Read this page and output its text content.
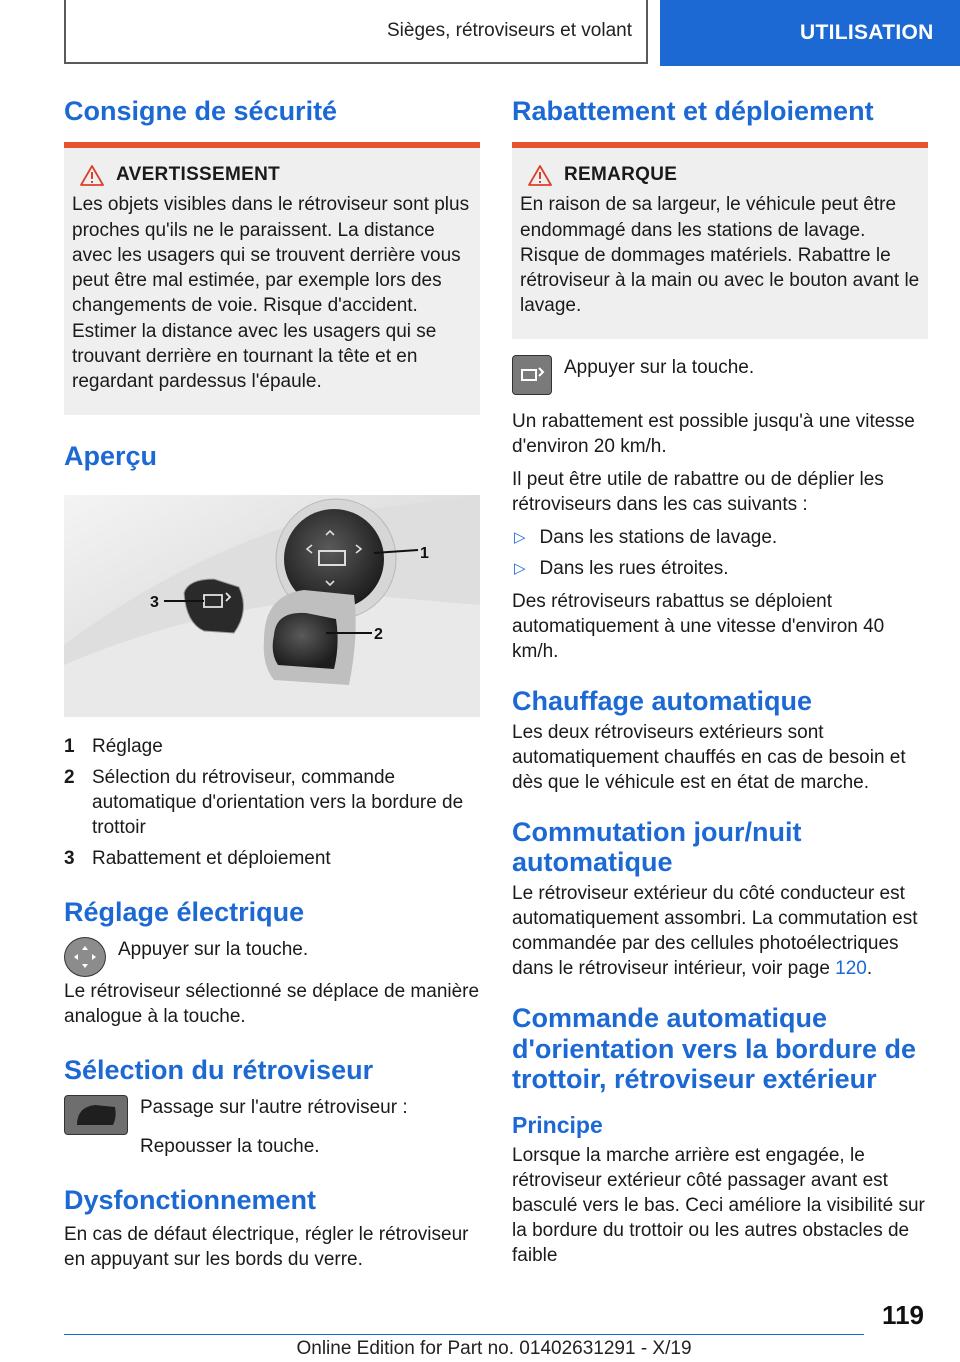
Sièges, rétroviseurs et volant	UTILISATION
Consigne de sécurité
AVERTISSEMENT

Les objets visibles dans le rétroviseur sont plus proches qu'ils ne le paraissent. La distance avec les usagers qui se trouvent derrière vous peut être mal estimée, par exemple lors des changements de voie. Risque d'accident. Estimer la distance avec les usagers qui se trouvant derrière en tournant la tête et en regardant pardessus l'épaule.

Aperçu
1
2
3
1 Réglage
2 Sélection du rétroviseur, commande automatique d'orientation vers la bordure de trottoir
3 Rabattement et déploiement
Réglage électrique

Appuyer sur la touche.

Le rétroviseur sélectionné se déplace de manière analogue à la touche.

Sélection du rétroviseur

Passage sur l'autre rétroviseur :

Repousser la touche.

Dysfonctionnement

En cas de défaut électrique, régler le rétroviseur en appuyant sur les bords du verre.

Rabattement et déploiement
REMARQUE

En raison de sa largeur, le véhicule peut être endommagé dans les stations de lavage. Risque de dommages matériels. Rabattre le rétroviseur à la main ou avec le bouton avant le lavage.

Appuyer sur la touche.

Un rabattement est possible jusqu'à une vitesse d'environ 20 km/h.

Il peut être utile de rabattre ou de déplier les rétroviseurs dans les cas suivants :

▷ Dans les stations de lavage.

▷ Dans les rues étroites.

Des rétroviseurs rabattus se déploient automatiquement à une vitesse d'environ 40 km/h.

Chauffage automatique

Les deux rétroviseurs extérieurs sont automatiquement chauffés en cas de besoin et dès que le véhicule est en état de marche.

Commutation jour/nuit automatique

Le rétroviseur extérieur du côté conducteur est automatiquement assombri. La commutation est commandée par des cellules photoélectriques dans le rétroviseur intérieur, voir page 120.

Commande automatique d'orientation vers la bordure de trottoir, rétroviseur extérieur
Principe

Lorsque la marche arrière est engagée, le rétroviseur extérieur côté passager avant est basculé vers le bas. Ceci améliore la visibilité sur la bordure du trottoir ou les autres obstacles de faible

119
Online Edition for Part no. 01402631291 - X/19
